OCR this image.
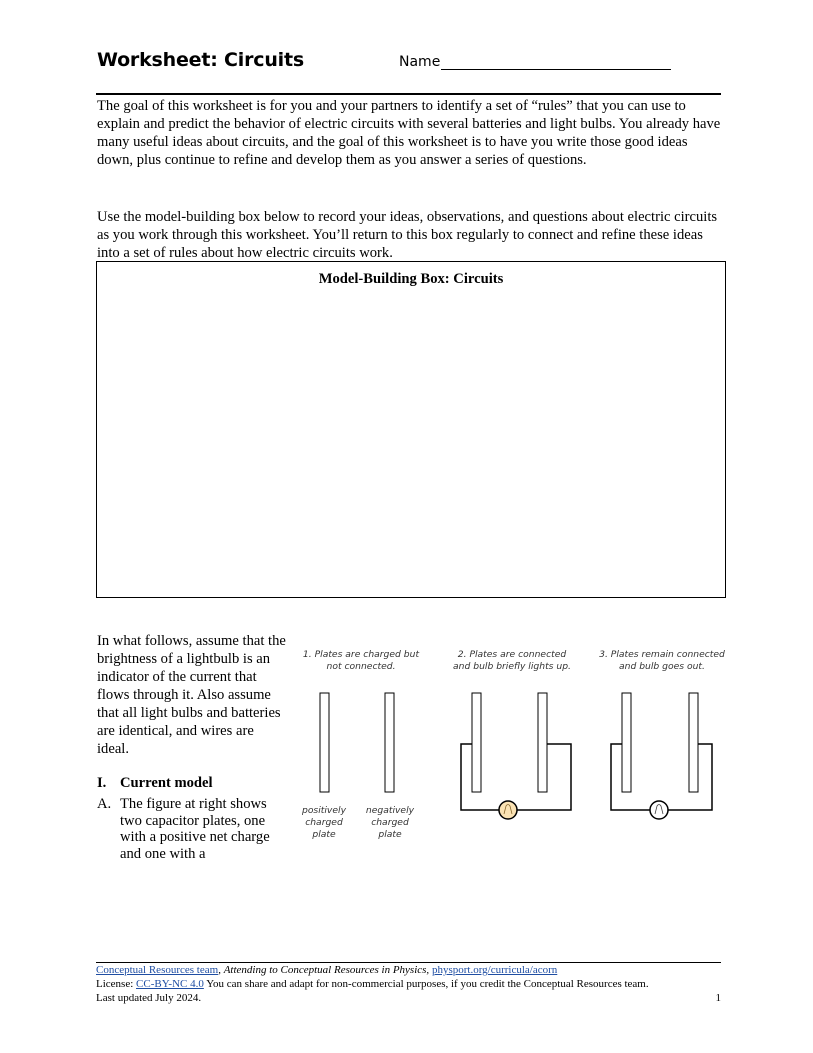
Worksheet: Circuits	Name

The goal of this worksheet is for you and your partners to identify a set of “rules” that you can use to explain and predict the behavior of electric circuits with several batteries and light bulbs. You already have many useful ideas about circuits, and the goal of this worksheet is to have you write those good ideas down, plus continue to refine and develop them as you answer a series of questions.

Use the model-building box below to record your ideas, observations, and questions about electric circuits as you work through this worksheet. You’ll return to this box regularly to connect and refine these ideas into a set of rules about how electric circuits work.

Model-Building Box: Circuits

In what follows, assume that the brightness of a lightbulb is an indicator of the current that flows through it. Also assume that all light bulbs and batteries are identical, and wires are ideal.

I. Current model
A. The figure at right shows two capacitor plates, one with a positive net charge and one with a

1. Plates are charged but
not connected.
positively
charged
plate
negatively
charged
plate
2. Plates are connected
and bulb briefly lights up.
3. Plates remain connected
and bulb goes out.
Conceptual Resources team, Attending to Conceptual Resources in Physics, physport.org/curricula/acorn
License: CC-BY-NC 4.0 You can share and adapt for non-commercial purposes, if you credit the Conceptual Resources team.
Last updated July 2024.	1
